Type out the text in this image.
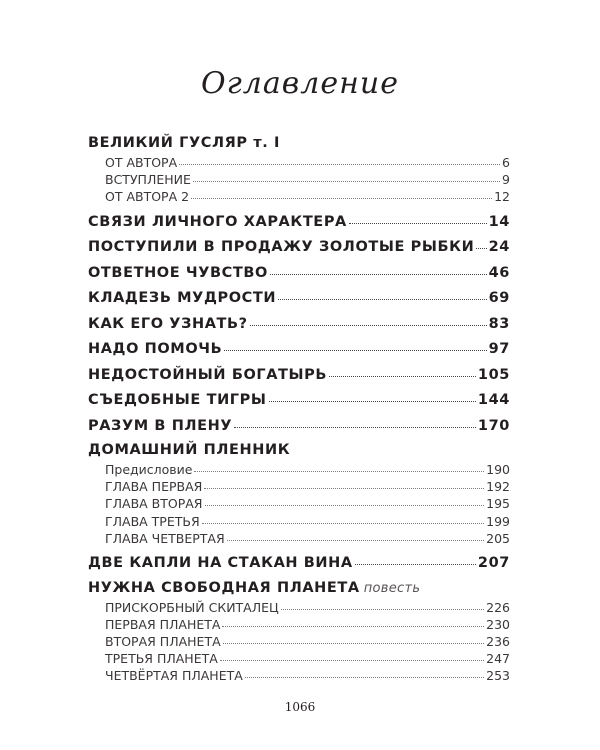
Оглавление
ВЕЛИКИЙ ГУСЛЯР т. I
ОТ АВТОРА	6
ВСТУПЛЕНИЕ	9
ОТ АВТОРА 2	12
СВЯЗИ ЛИЧНОГО ХАРАКТЕРА	14
ПОСТУПИЛИ В ПРОДАЖУ ЗОЛОТЫЕ РЫБКИ 24
ОТВЕТНОЕ ЧУВСТВО	46
КЛАДЕЗЬ МУДРОСТИ	69
КАК ЕГО УЗНАТЬ?	83
НАДО ПОМОЧЬ	97
НЕДОСТОЙНЫЙ БОГАТЫРЬ	105
СЪЕДОБНЫЕ ТИГРЫ	144
РАЗУМ В ПЛЕНУ	170
ДОМАШНИЙ ПЛЕННИК
Предисловие	190
ГЛАВА ПЕРВАЯ	192
ГЛАВА ВТОРАЯ	195
ГЛАВА ТРЕТЬЯ	199
ГЛАВА ЧЕТВЕРТАЯ	205
ДВЕ КАПЛИ НА СТАКАН ВИНА	207
НУЖНА СВОБОДНАЯ ПЛАНЕТА повесть
ПРИСКОРБНЫЙ СКИТАЛЕЦ	226
ПЕРВАЯ ПЛАНЕТА	230
ВТОРАЯ ПЛАНЕТА	236
ТРЕТЬЯ ПЛАНЕТА	247
ЧЕТВЁРТАЯ ПЛАНЕТА	253
1066
